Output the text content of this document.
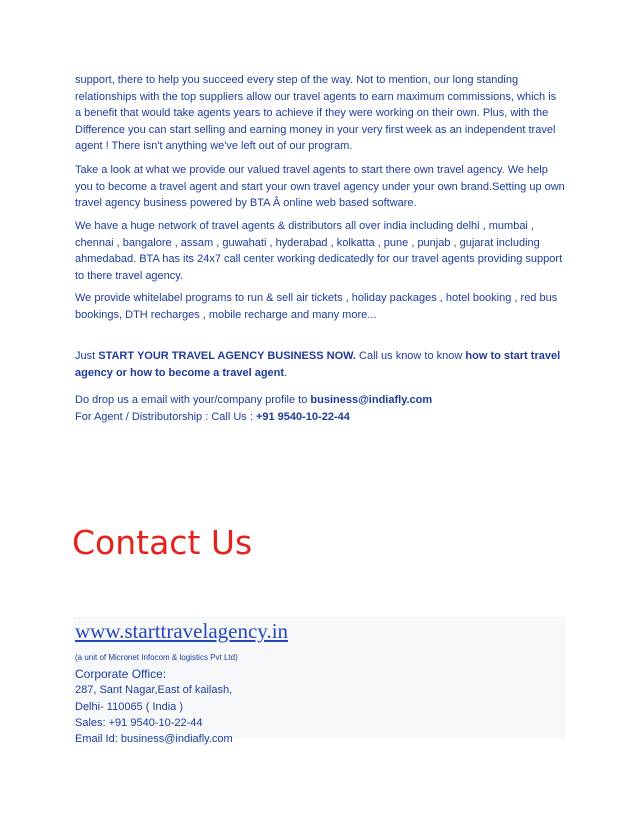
support, there to help you succeed every step of the way. Not to mention, our long standing
relationships with the top suppliers allow our travel agents to earn maximum commissions, which is
a benefit that would take agents years to achieve if they were working on their own. Plus, with the
Difference you can start selling and earning money in your very first week as an independent travel
agent ! There isn't anything we've left out of our program.
Take a look at what we provide our valued travel agents to start there own travel agency. We help
you to become a travel agent and start your own travel agency under your own brand.Setting up own
travel agency business powered by BTA Â online web based software.
We have a huge network of travel agents & distributors all over india including delhi , mumbai ,
chennai , bangalore , assam , guwahati , hyderabad , kolkatta , pune , punjab , gujarat including
ahmedabad. BTA has its 24x7 call center working dedicatedly for our travel agents providing support
to there travel agency.
We provide whitelabel programs to run & sell air tickets , holiday packages , hotel booking , red bus
bookings, DTH recharges , mobile recharge and many more...
Just START YOUR TRAVEL AGENCY BUSINESS NOW. Call us know to know how to start travel
agency or how to become a travel agent.
Do drop us a email with your/company profile to business@indiafly.com
For Agent / Distributorship : Call Us : +91 9540-10-22-44
Contact Us
www.starttravelagency.in
(a unit of Micronet Infocom & logistics Pvt Ltd)
Corporate Office:
287, Sant Nagar,East of kailash,
Delhi- 110065 ( India )
Sales: +91 9540-10-22-44
Email Id: business@indiafly.com
